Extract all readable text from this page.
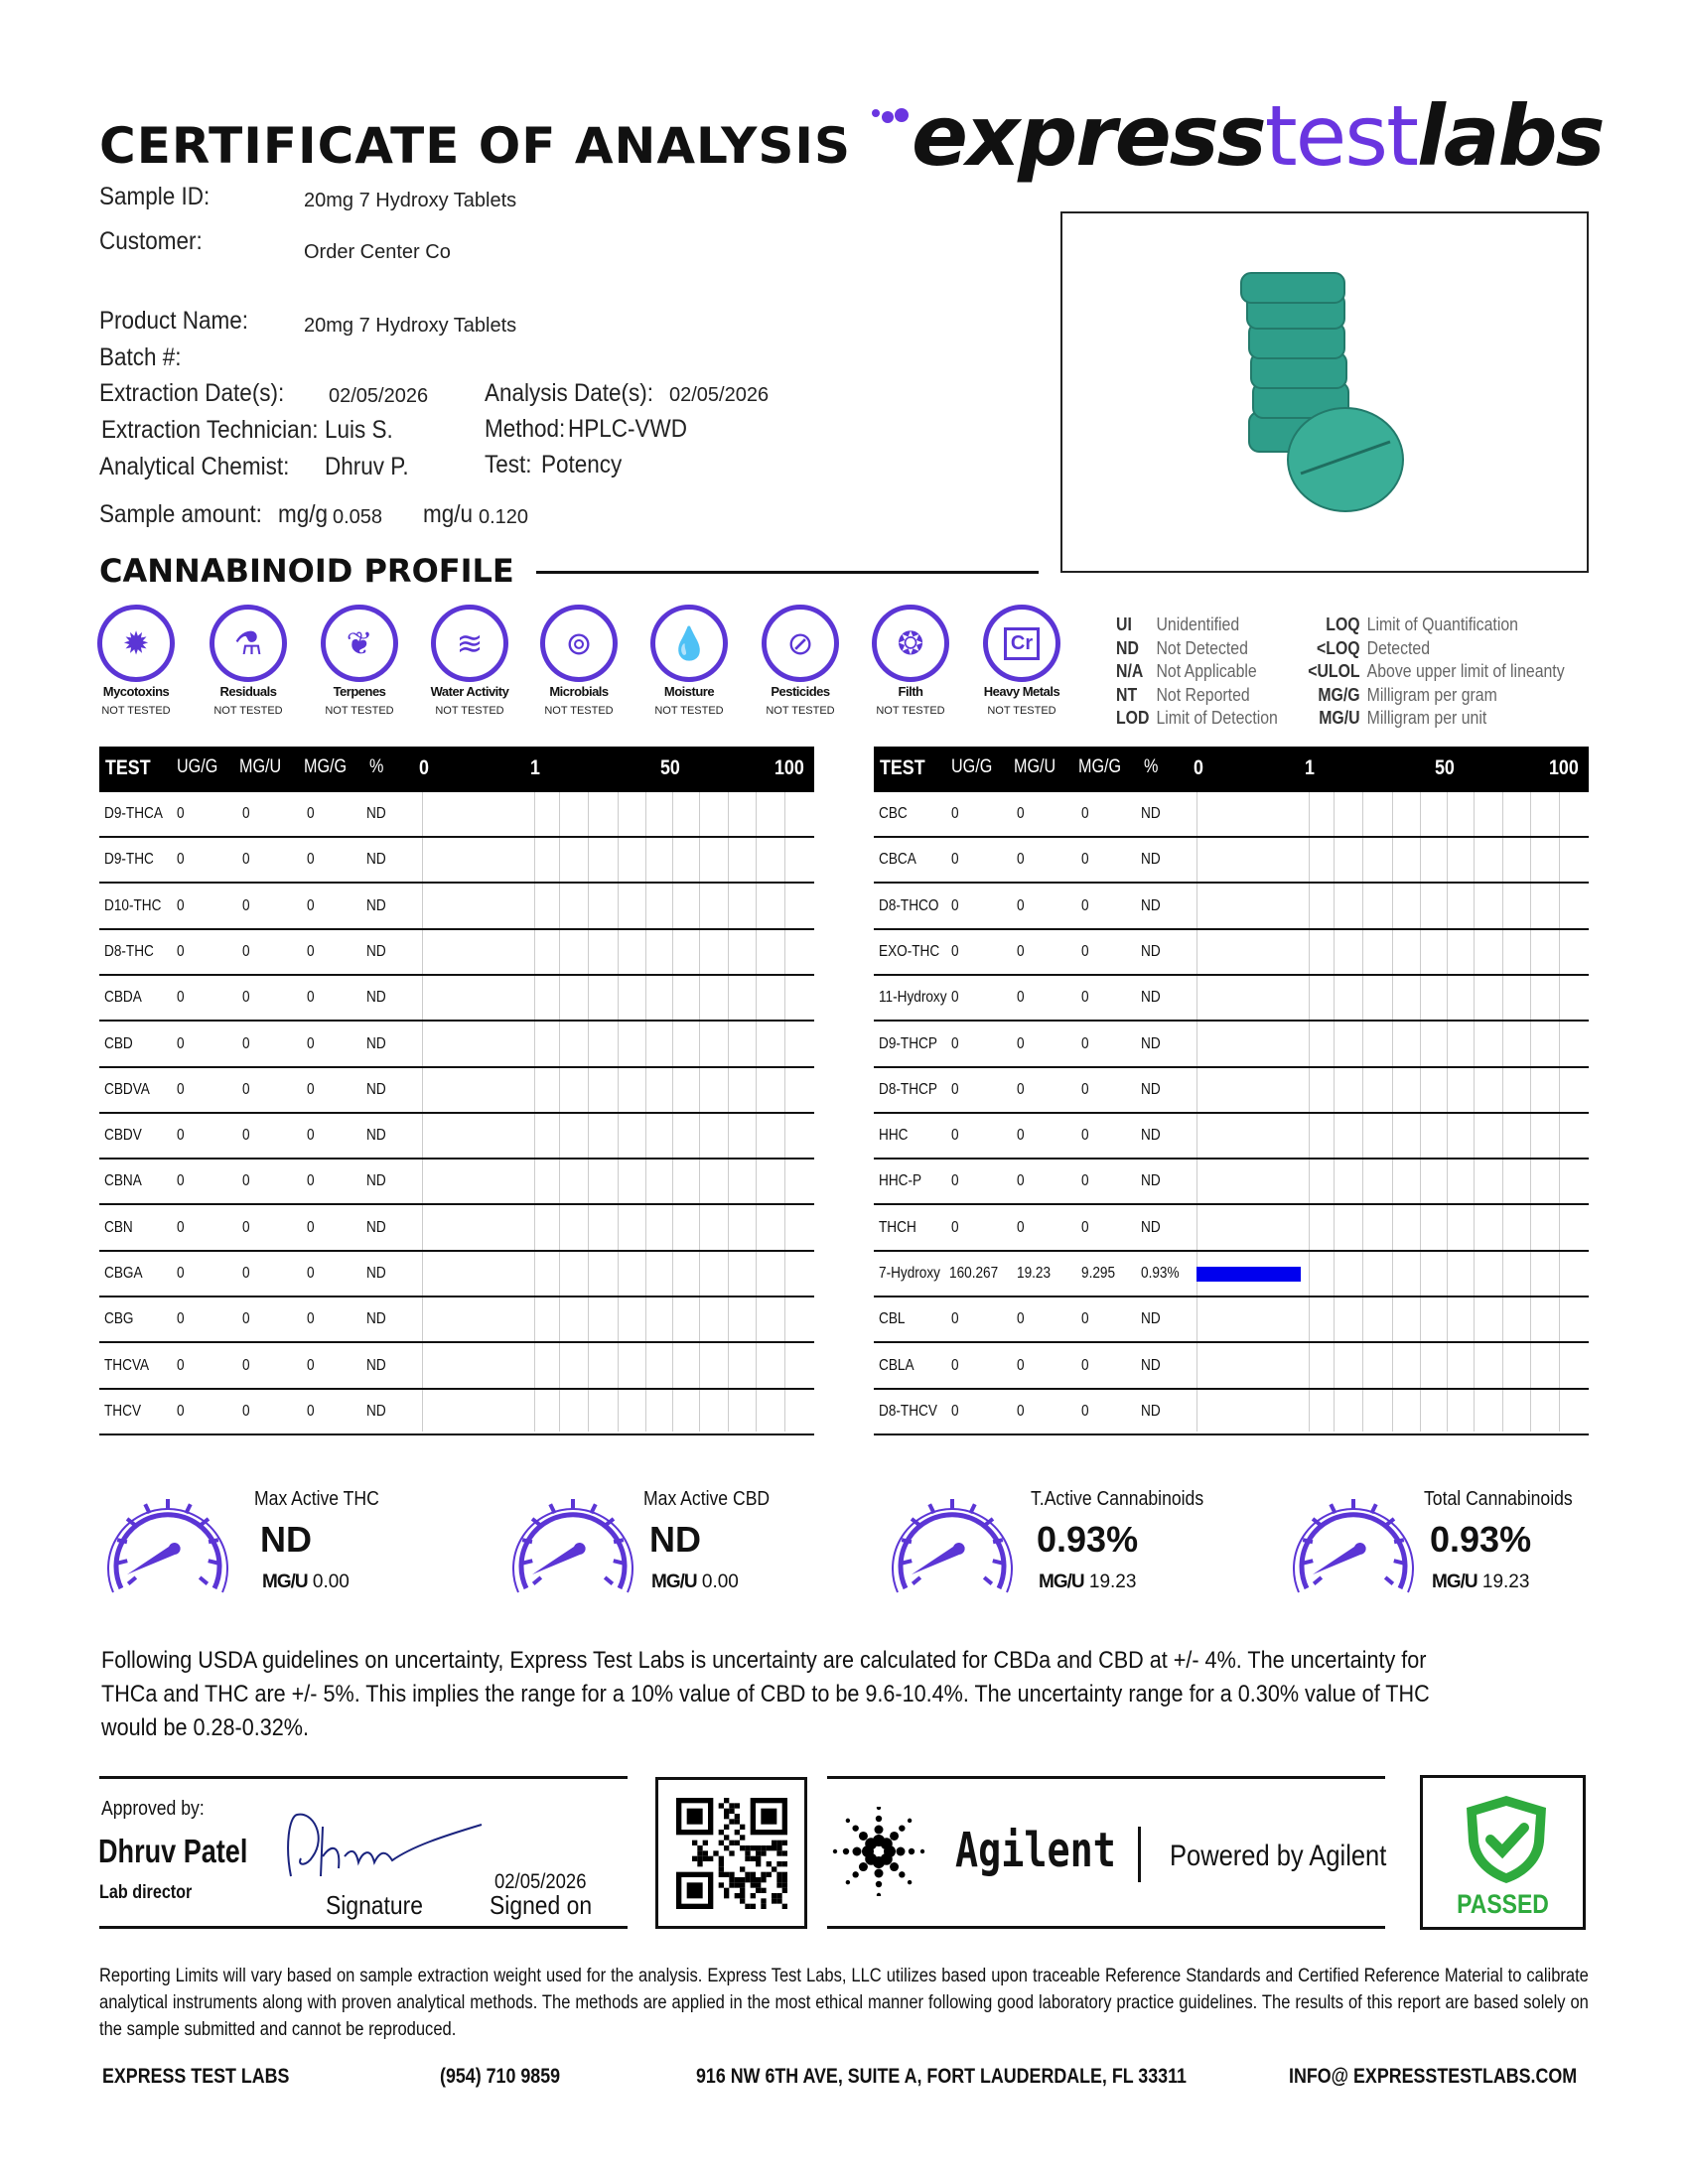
CERTIFICATE OF ANALYSIS expresstestlabs
Sample ID:	20mg 7 Hydroxy Tablets
Customer:	Order Center Co
Product Name:	20mg 7 Hydroxy Tablets
Batch #:
Extraction Date(s): 02/05/2026 Analysis Date(s): 02/05/2026
Extraction Technician: Luis S.	Method: HPLC-VWD
Analytical Chemist: Dhruv P.	Test: Potency
Sample amount: mg/g 0.058 mg/u 0.120
CANNABINOID PROFILE
✹
Mycotoxins
NOT TESTED
⚗
Residuals
NOT TESTED
❦
Terpenes
NOT TESTED
≋
Water Activity
NOT TESTED
⊚
Microbials
NOT TESTED
💧
Moisture
NOT TESTED
⊘
Pesticides
NOT TESTED
❂
Filth
NOT TESTED
Cr
Heavy Metals
NOT TESTED
UI Unidentified
ND Not Detected
N/A Not Applicable
NT Not Reported
LOD Limit of Detection
LOQ Limit of Quantification
<LOQ Detected
<ULOL Above upper limit of lineanty
MG/G Milligram per gram
MG/U Milligram per unit
TEST UG/G MG/U MG/G % 0	1	50	100
D9-THCA 0	0	0	ND
D9-THC 0	0	0	ND
D10-THC 0	0	0	ND
D8-THC 0	0	0	ND
CBDA 0	0	0	ND
CBD	0	0	0	ND
CBDVA 0	0	0	ND
CBDV 0	0	0	ND
CBNA 0	0	0	ND
CBN	0	0	0	ND
CBGA 0	0	0	ND
CBG	0	0	0	ND
THCVA 0	0	0	ND
THCV 0	0	0	ND
TEST UG/G MG/U MG/G % 0	1	50	100
CBC	0	0	0	ND
CBCA 0	0	0	ND
D8-THCO 0	0	0	ND
EXO-THC 0	0	0	ND
11-Hydroxy 0	0	0	ND
D9-THCP 0	0	0	ND
D8-THCP 0	0	0	ND
HHC	0	0	0	ND
HHC-P 0	0	0	ND
THCH 0	0	0	ND
7-Hydroxy 160.267 19.23 9.295 0.93%
CBL	0	0	0	ND
CBLA 0	0	0	ND
D8-THCV 0	0	0	ND
Max Active THC
ND
MG/U 0.00
Max Active CBD
ND
MG/U 0.00
T.Active Cannabinoids
0.93%
MG/U 19.23
Total Cannabinoids
0.93%
MG/U 19.23
Following USDA guidelines on uncertainty, Express Test Labs is uncertainty are calculated for CBDa and CBD at +/- 4%. The uncertainty for THCa and THC are +/- 5%. This implies the range for a 10% value of CBD to be 9.6-10.4%. The uncertainty range for a 0.30% value of THC would be 0.28-0.32%.
Approved by:
Dhruv Patel
Lab director	Signature
02/05/2026
Signed on
Agilent Powered by Agilent
PASSED
Reporting Limits will vary based on sample extraction weight used for the analysis. Express Test Labs, LLC utilizes based upon traceable Reference Standards and Certified Reference Material to calibrate analytical instruments along with proven analytical methods. The methods are applied in the most ethical manner following good laboratory practice guidelines. The results of this report are based solely on the sample submitted and cannot be reproduced.
EXPRESS TEST LABS	(954) 710 9859	916 NW 6TH AVE, SUITE A, FORT LAUDERDALE, FL 33311	INFO@ EXPRESSTESTLABS.COM
